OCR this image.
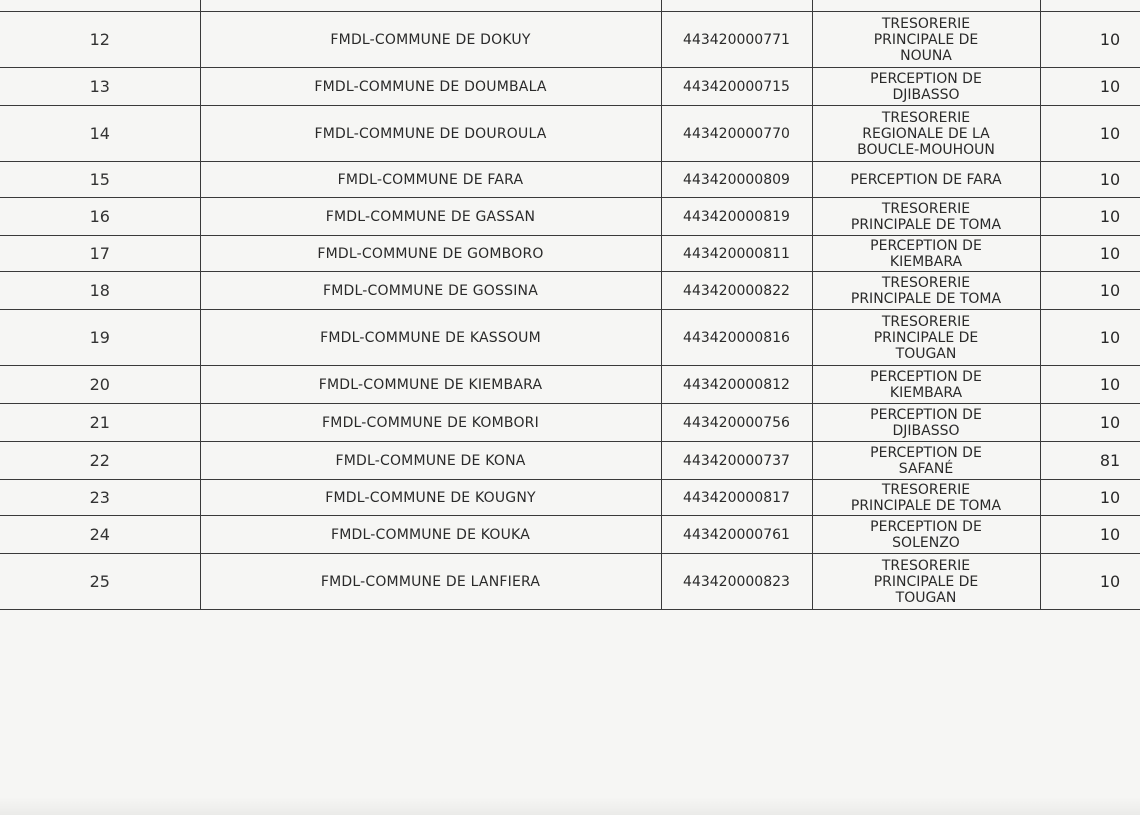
12	FMDL-COMMUNE DE DOKUY	443420000771	TRESORERIE
PRINCIPALE DE
NOUNA	10
13	FMDL-COMMUNE DE DOUMBALA	443420000715	PERCEPTION DE
DJIBASSO	10
14	FMDL-COMMUNE DE DOUROULA	443420000770	TRESORERIE
REGIONALE DE LA
BOUCLE-MOUHOUN	10
15	FMDL-COMMUNE DE FARA	443420000809	PERCEPTION DE FARA	10
16	FMDL-COMMUNE DE GASSAN	443420000819	TRESORERIE
PRINCIPALE DE TOMA	10
17	FMDL-COMMUNE DE GOMBORO	443420000811	PERCEPTION DE
KIEMBARA	10
18	FMDL-COMMUNE DE GOSSINA	443420000822	TRESORERIE
PRINCIPALE DE TOMA	10
19	FMDL-COMMUNE DE KASSOUM	443420000816	TRESORERIE
PRINCIPALE DE
TOUGAN	10
20	FMDL-COMMUNE DE KIEMBARA	443420000812	PERCEPTION DE
KIEMBARA	10
21	FMDL-COMMUNE DE KOMBORI	443420000756	PERCEPTION DE
DJIBASSO	10
22	FMDL-COMMUNE DE KONA	443420000737	PERCEPTION DE
SAFANÉ	81
23	FMDL-COMMUNE DE KOUGNY	443420000817	TRESORERIE
PRINCIPALE DE TOMA	10
24	FMDL-COMMUNE DE KOUKA	443420000761	PERCEPTION DE
SOLENZO	10
25	FMDL-COMMUNE DE LANFIERA	443420000823	TRESORERIE
PRINCIPALE DE
TOUGAN	10
